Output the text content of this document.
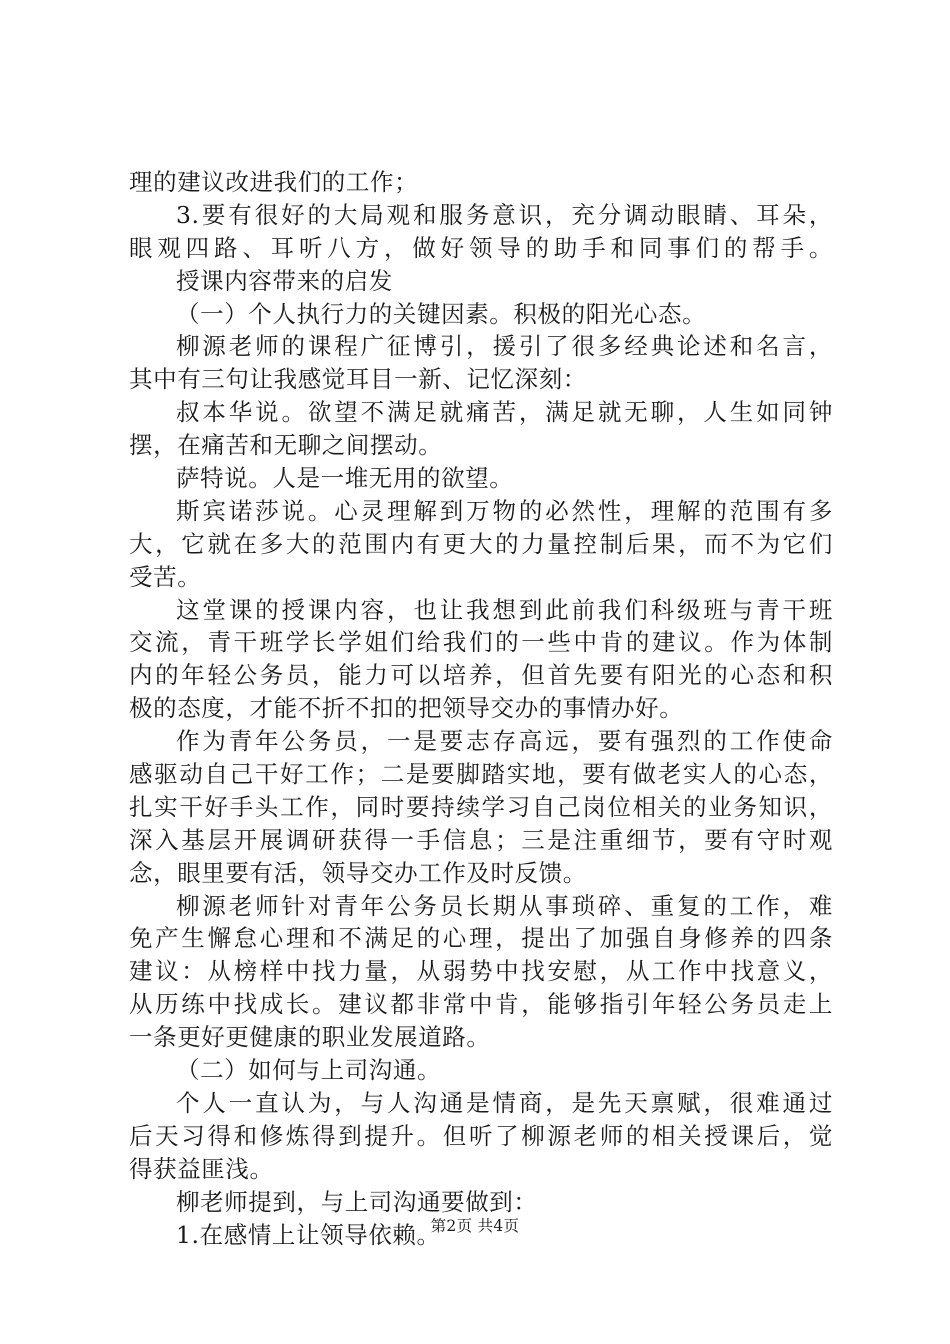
理的建议改进我们的工作；
3.要有很好的大局观和服务意识，充分调动眼睛、耳朵，
眼观四路、耳听八方，做好领导的助手和同事们的帮手。
授课内容带来的启发
（一）个人执行力的关键因素。积极的阳光心态。
柳源老师的课程广征博引，援引了很多经典论述和名言，
其中有三句让我感觉耳目一新、记忆深刻：
叔本华说。欲望不满足就痛苦，满足就无聊，人生如同钟
摆，在痛苦和无聊之间摆动。
萨特说。人是一堆无用的欲望。
斯宾诺莎说。心灵理解到万物的必然性，理解的范围有多
大，它就在多大的范围内有更大的力量控制后果，而不为它们
受苦。
这堂课的授课内容，也让我想到此前我们科级班与青干班
交流，青干班学长学姐们给我们的一些中肯的建议。作为体制
内的年轻公务员，能力可以培养，但首先要有阳光的心态和积
极的态度，才能不折不扣的把领导交办的事情办好。
作为青年公务员，一是要志存高远，要有强烈的工作使命
感驱动自己干好工作；二是要脚踏实地，要有做老实人的心态，
扎实干好手头工作，同时要持续学习自己岗位相关的业务知识，
深入基层开展调研获得一手信息；三是注重细节，要有守时观
念，眼里要有活，领导交办工作及时反馈。
柳源老师针对青年公务员长期从事琐碎、重复的工作，难
免产生懈怠心理和不满足的心理，提出了加强自身修养的四条
建议：从榜样中找力量，从弱势中找安慰，从工作中找意义，
从历练中找成长。建议都非常中肯，能够指引年轻公务员走上
一条更好更健康的职业发展道路。
（二）如何与上司沟通。
个人一直认为，与人沟通是情商，是先天禀赋，很难通过
后天习得和修炼得到提升。但听了柳源老师的相关授课后，觉
得获益匪浅。
柳老师提到，与上司沟通要做到：
1.在感情上让领导依赖。
第2页 共4页
